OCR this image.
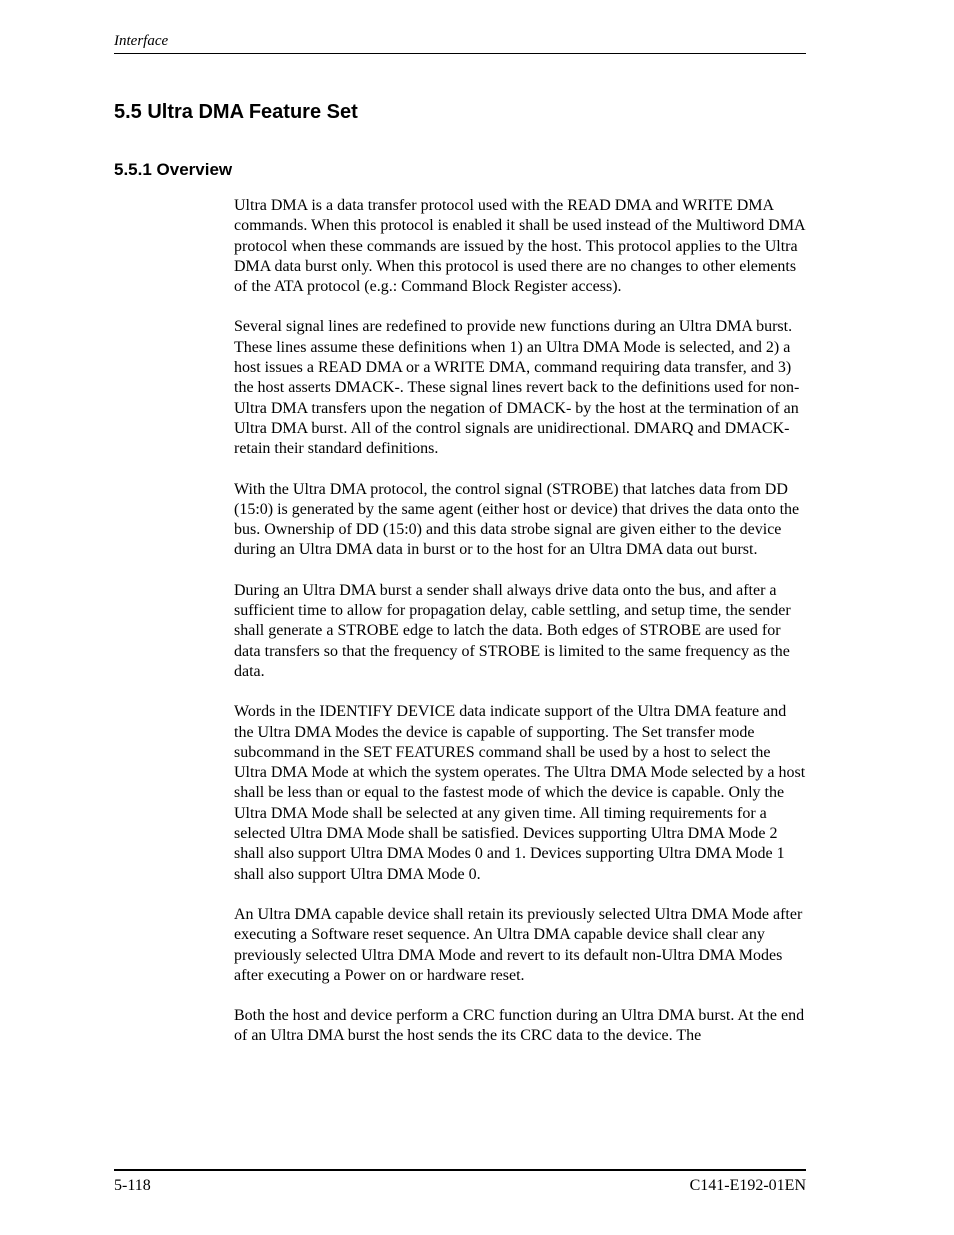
Interface
5.5 Ultra DMA Feature Set
5.5.1 Overview

Ultra DMA is a data transfer protocol used with the READ DMA and WRITE DMA commands. When this protocol is enabled it shall be used instead of the Multiword DMA protocol when these commands are issued by the host. This protocol applies to the Ultra DMA data burst only. When this protocol is used there are no changes to other elements of the ATA protocol (e.g.: Command Block Register access).

Several signal lines are redefined to provide new functions during an Ultra DMA burst. These lines assume these definitions when 1) an Ultra DMA Mode is selected, and 2) a host issues a READ DMA or a WRITE DMA, command requiring data transfer, and 3) the host asserts DMACK-. These signal lines revert back to the definitions used for non-Ultra DMA transfers upon the negation of DMACK- by the host at the termination of an Ultra DMA burst. All of the control signals are unidirectional. DMARQ and DMACK- retain their standard definitions.

With the Ultra DMA protocol, the control signal (STROBE) that latches data from DD (15:0) is generated by the same agent (either host or device) that drives the data onto the bus. Ownership of DD (15:0) and this data strobe signal are given either to the device during an Ultra DMA data in burst or to the host for an Ultra DMA data out burst.

During an Ultra DMA burst a sender shall always drive data onto the bus, and after a sufficient time to allow for propagation delay, cable settling, and setup time, the sender shall generate a STROBE edge to latch the data. Both edges of STROBE are used for data transfers so that the frequency of STROBE is limited to the same frequency as the data.

Words in the IDENTIFY DEVICE data indicate support of the Ultra DMA feature and the Ultra DMA Modes the device is capable of supporting. The Set transfer mode subcommand in the SET FEATURES command shall be used by a host to select the Ultra DMA Mode at which the system operates. The Ultra DMA Mode selected by a host shall be less than or equal to the fastest mode of which the device is capable. Only the Ultra DMA Mode shall be selected at any given time. All timing requirements for a selected Ultra DMA Mode shall be satisfied. Devices supporting Ultra DMA Mode 2 shall also support Ultra DMA Modes 0 and 1. Devices supporting Ultra DMA Mode 1 shall also support Ultra DMA Mode 0.

An Ultra DMA capable device shall retain its previously selected Ultra DMA Mode after executing a Software reset sequence. An Ultra DMA capable device shall clear any previously selected Ultra DMA Mode and revert to its default non-Ultra DMA Modes after executing a Power on or hardware reset.

Both the host and device perform a CRC function during an Ultra DMA burst. At the end of an Ultra DMA burst the host sends the its CRC data to the device. The

5-118	C141-E192-01EN
